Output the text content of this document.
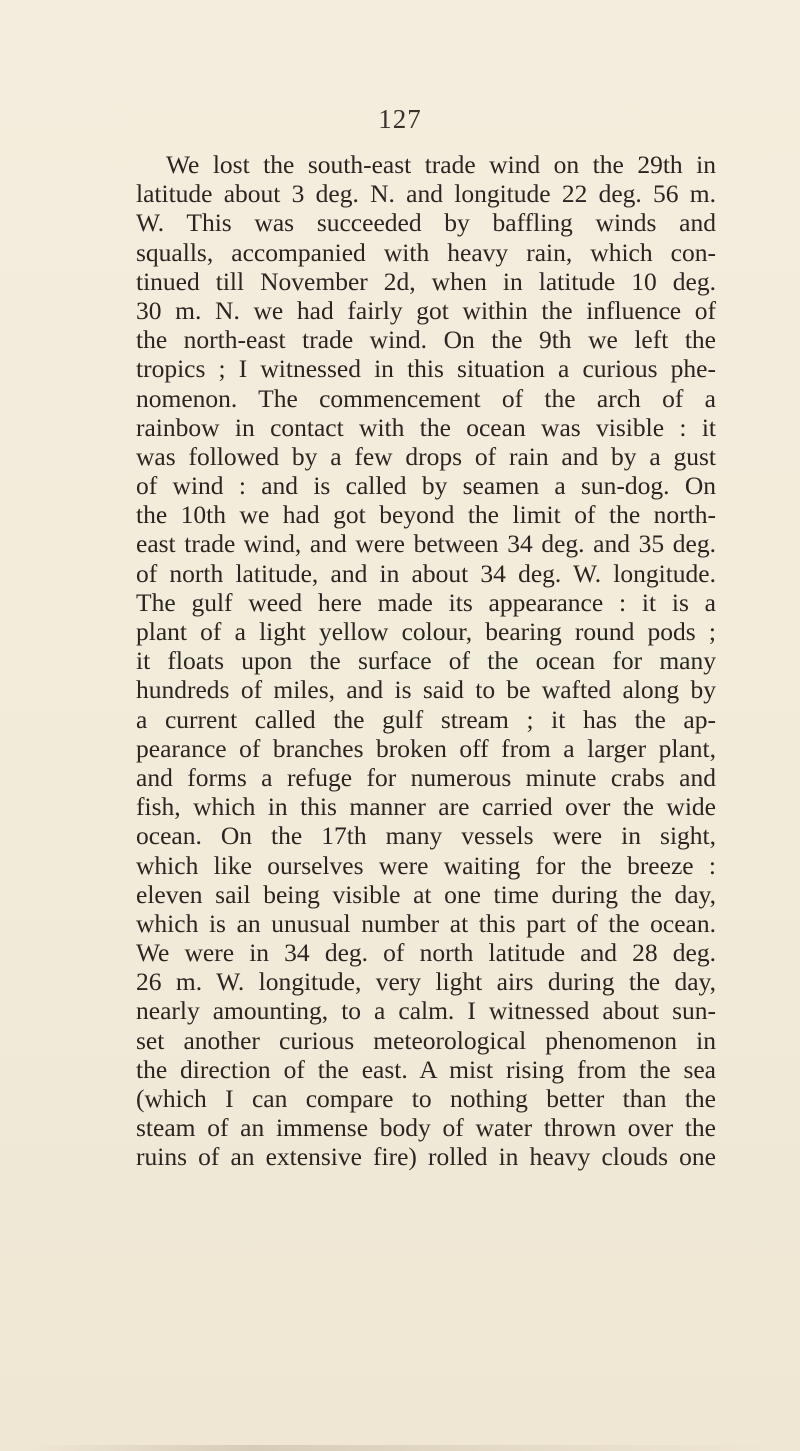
127
We lost the south-east trade wind on the 29th in
latitude about 3 deg. N. and longitude 22 deg. 56 m.
W. This was succeeded by baffling winds and
squalls, accompanied with heavy rain, which con-
tinued till November 2d, when in latitude 10 deg.
30 m. N. we had fairly got within the influence of
the north-east trade wind. On the 9th we left the
tropics ; I witnessed in this situation a curious phe-
nomenon. The commencement of the arch of a
rainbow in contact with the ocean was visible : it
was followed by a few drops of rain and by a gust
of wind : and is called by seamen a sun-dog. On
the 10th we had got beyond the limit of the north-
east trade wind, and were between 34 deg. and 35 deg.
of north latitude, and in about 34 deg. W. longitude.
The gulf weed here made its appearance : it is a
plant of a light yellow colour, bearing round pods ;
it floats upon the surface of the ocean for many
hundreds of miles, and is said to be wafted along by
a current called the gulf stream ; it has the ap-
pearance of branches broken off from a larger plant,
and forms a refuge for numerous minute crabs and
fish, which in this manner are carried over the wide
ocean. On the 17th many vessels were in sight,
which like ourselves were waiting for the breeze :
eleven sail being visible at one time during the day,
which is an unusual number at this part of the ocean.
We were in 34 deg. of north latitude and 28 deg.
26 m. W. longitude, very light airs during the day,
nearly amounting, to a calm. I witnessed about sun-
set another curious meteorological phenomenon in
the direction of the east. A mist rising from the sea
(which I can compare to nothing better than the
steam of an immense body of water thrown over the
ruins of an extensive fire) rolled in heavy clouds one
